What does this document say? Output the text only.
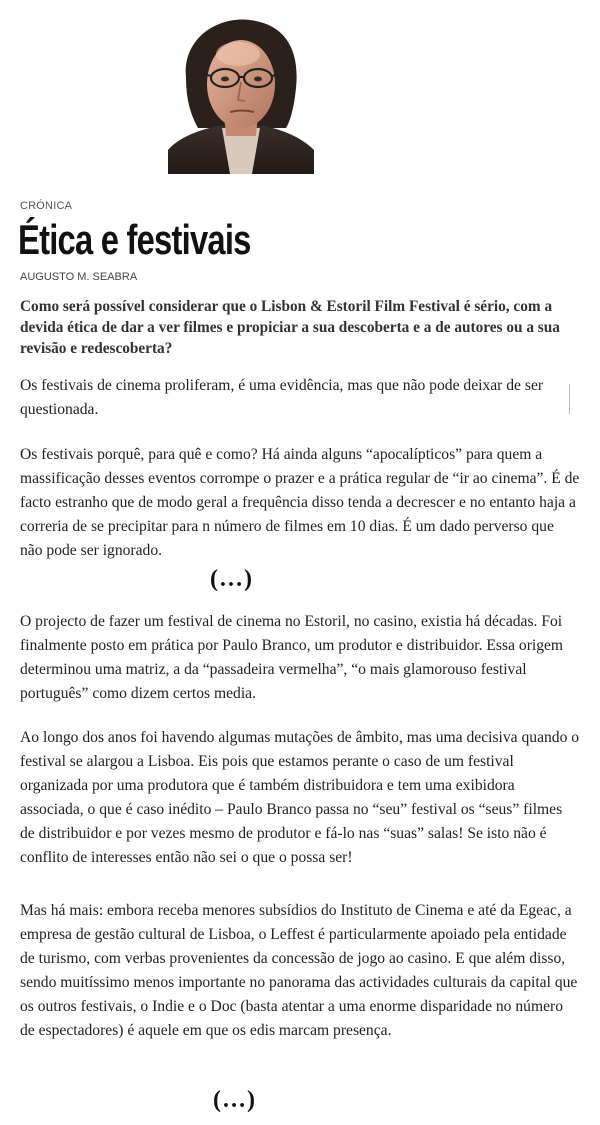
CRÓNICA
Ética e festivais
AUGUSTO M. SEABRA

Como será possível considerar que o Lisbon & Estoril Film Festival é sério, com a devida ética de dar a ver filmes e propiciar a sua descoberta e a de autores ou a sua revisão e redescoberta?

Os festivais de cinema proliferam, é uma evidência, mas que não pode deixar de ser questionada.

Os festivais porquê, para quê e como? Há ainda alguns “apocalípticos” para quem a massificação desses eventos corrompe o prazer e a prática regular de “ir ao cinema”. É de facto estranho que de modo geral a frequência disso tenda a decrescer e no entanto haja a correria de se precipitar para n número de filmes em 10 dias. É um dado perverso que não pode ser ignorado.

(…)

O projecto de fazer um festival de cinema no Estoril, no casino, existia há décadas. Foi finalmente posto em prática por Paulo Branco, um produtor e distribuidor. Essa origem determinou uma matriz, a da “passadeira vermelha”, “o mais glamorouso festival português” como dizem certos media.

Ao longo dos anos foi havendo algumas mutações de âmbito, mas uma decisiva quando o festival se alargou a Lisboa. Eis pois que estamos perante o caso de um festival organizada por uma produtora que é também distribuidora e tem uma exibidora associada, o que é caso inédito – Paulo Branco passa no “seu” festival os “seus” filmes de distribuidor e por vezes mesmo de produtor e fá-lo nas “suas” salas! Se isto não é conflito de interesses então não sei o que o possa ser!

Mas há mais: embora receba menores subsídios do Instituto de Cinema e até da Egeac, a empresa de gestão cultural de Lisboa, o Leffest é particularmente apoiado pela entidade de turismo, com verbas provenientes da concessão de jogo ao casino. E que além disso, sendo muitíssimo menos importante no panorama das actividades culturais da capital que os outros festivais, o Indie e o Doc (basta atentar a uma enorme disparidade no número de espectadores) é aquele em que os edis marcam presença.

(…)
